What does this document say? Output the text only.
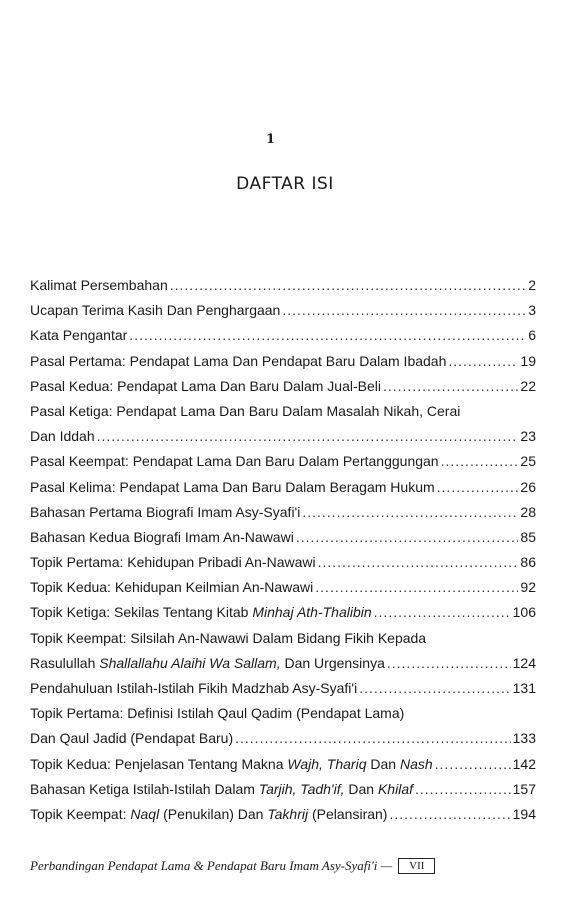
1
DAFTAR ISI
Kalimat Persembahan .....	2
Ucapan Terima Kasih Dan Penghargaan .....	3
Kata Pengantar .....	6
Pasal Pertama: Pendapat Lama Dan Pendapat Baru Dalam Ibadah .....	19
Pasal Kedua: Pendapat Lama Dan Baru Dalam Jual-Beli .....	22
Pasal Ketiga: Pendapat Lama Dan Baru Dalam Masalah Nikah, Cerai
Dan Iddah .....	23
Pasal Keempat: Pendapat Lama Dan Baru Dalam Pertanggungan .....	25
Pasal Kelima: Pendapat Lama Dan Baru Dalam Beragam Hukum .....	26
Bahasan Pertama Biografi Imam Asy-Syafi'i .....	28
Bahasan Kedua Biografi Imam An-Nawawi .....	85
Topik Pertama: Kehidupan Pribadi An-Nawawi .....	86
Topik Kedua: Kehidupan Keilmian An-Nawawi .....	92
Topik Ketiga: Sekilas Tentang Kitab Minhaj Ath-Thalibin .....	106
Topik Keempat: Silsilah An-Nawawi Dalam Bidang Fikih Kepada
Rasulullah Shallallahu Alaihi Wa Sallam, Dan Urgensinya .....	124
Pendahuluan Istilah-Istilah Fikih Madzhab Asy-Syafi'i .....	131
Topik Pertama: Definisi Istilah Qaul Qadim (Pendapat Lama)
Dan Qaul Jadid (Pendapat Baru) .....	133
Topik Kedua: Penjelasan Tentang Makna Wajh, Thariq Dan Nash .....	142
Bahasan Ketiga Istilah-Istilah Dalam Tarjih, Tadh'if, Dan Khilaf .....	157
Topik Keempat: Naql (Penukilan) Dan Takhrij (Pelansiran) .....	194
Perbandingan Pendapat Lama & Pendapat Baru Imam Asy-Syafi'i —	VII
